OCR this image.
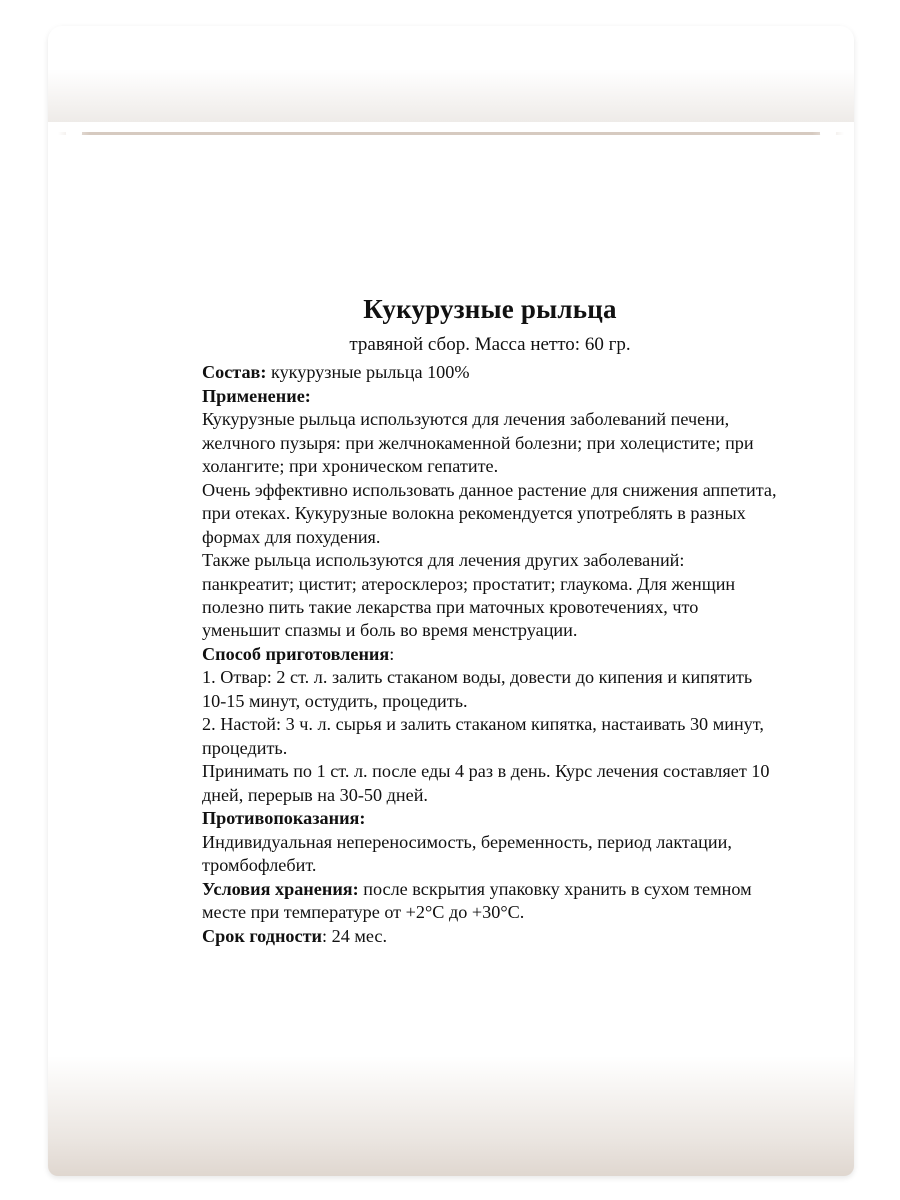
Кукурузные рыльца
травяной сбор. Масса нетто: 60 гр.

Состав: кукурузные рыльца 100%

Применение:

Кукурузные рыльца используются для лечения заболеваний печени, желчного пузыря: при желчнокаменной болезни; при холецистите; при холангите; при хроническом гепатите.

Очень эффективно использовать данное растение для снижения аппетита, при отеках. Кукурузные волокна рекомендуется употреблять в разных формах для похудения.

Также рыльца используются для лечения других заболеваний: панкреатит; цистит; атеросклероз; простатит; глаукома. Для женщин полезно пить такие лекарства при маточных кровотечениях, что уменьшит спазмы и боль во время менструации.

Способ приготовления:

1. Отвар: 2 ст. л. залить стаканом воды, довести до кипения и кипятить 10-15 минут, остудить, процедить.

2. Настой: 3 ч. л. сырья и залить стаканом кипятка, настаивать 30 минут, процедить.

Принимать по 1 ст. л. после еды 4 раз в день. Курс лечения составляет 10 дней, перерыв на 30-50 дней.

Противопоказания:

Индивидуальная непереносимость, беременность, период лактации, тромбофлебит.

Условия хранения: после вскрытия упаковку хранить в сухом темном месте при температуре от +2°C до +30°C.

Срок годности: 24 мес.
